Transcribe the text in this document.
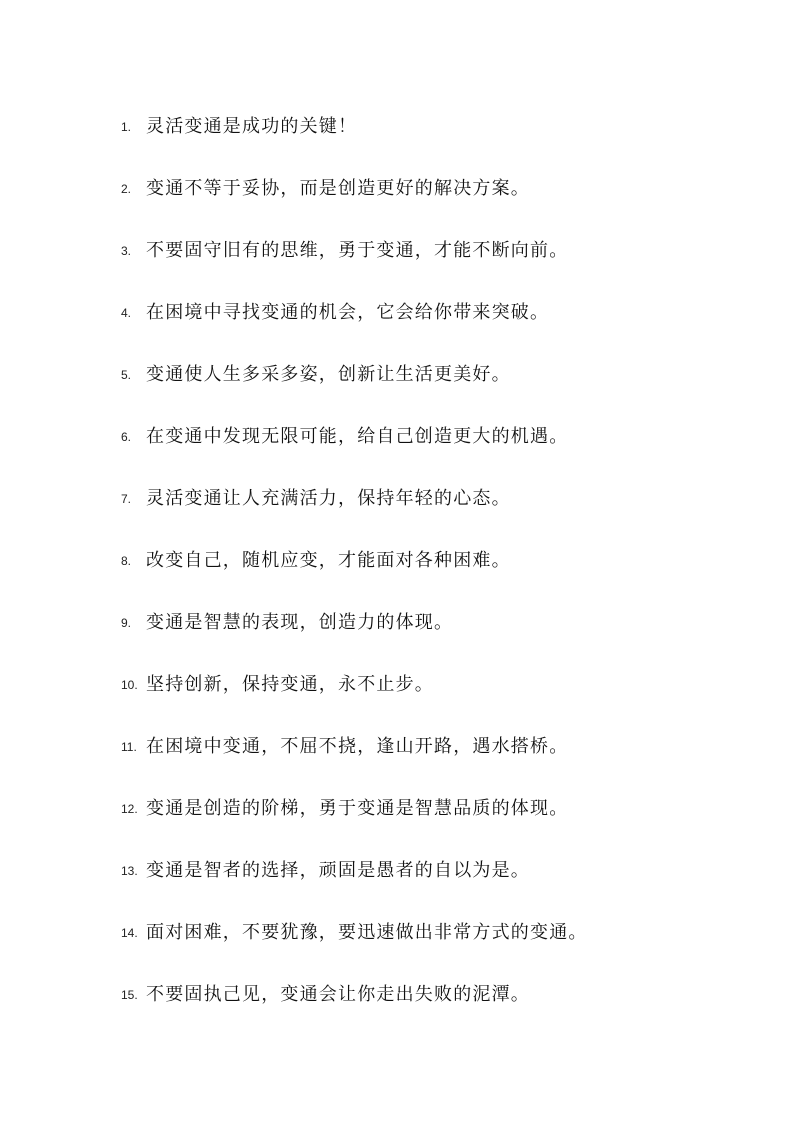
1. 灵活变通是成功的关键！
2. 变通不等于妥协，而是创造更好的解决方案。
3. 不要固守旧有的思维，勇于变通，才能不断向前。
4. 在困境中寻找变通的机会，它会给你带来突破。
5. 变通使人生多采多姿，创新让生活更美好。
6. 在变通中发现无限可能，给自己创造更大的机遇。
7. 灵活变通让人充满活力，保持年轻的心态。
8. 改变自己，随机应变，才能面对各种困难。
9. 变通是智慧的表现，创造力的体现。
10. 坚持创新，保持变通，永不止步。
11. 在困境中变通，不屈不挠，逢山开路，遇水搭桥。
12. 变通是创造的阶梯，勇于变通是智慧品质的体现。
13. 变通是智者的选择，顽固是愚者的自以为是。
14. 面对困难，不要犹豫，要迅速做出非常方式的变通。
15. 不要固执己见，变通会让你走出失败的泥潭。
